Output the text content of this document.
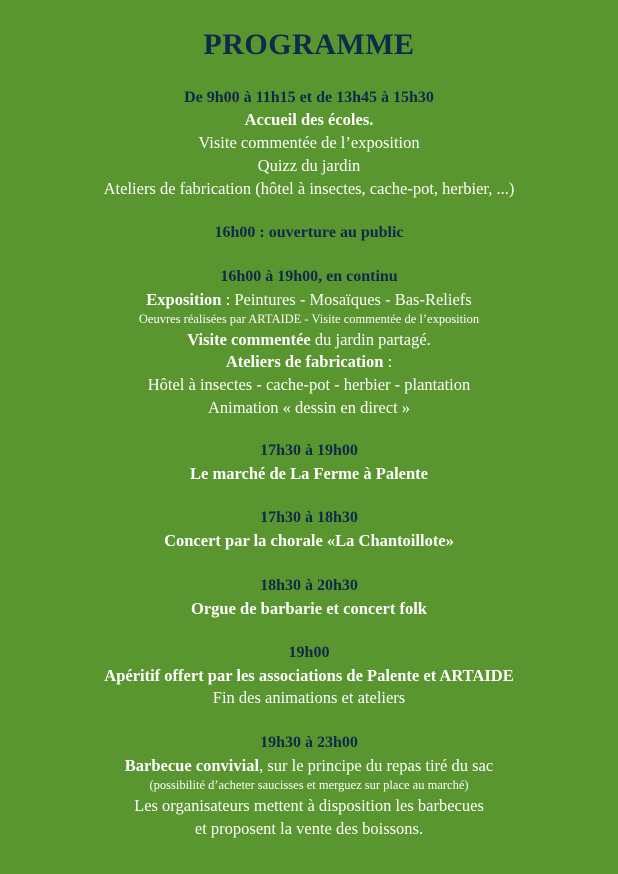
PROGRAMME
De 9h00 à 11h15 et de 13h45 à 15h30
Accueil des écoles.
Visite commentée de l’exposition
Quizz du jardin
Ateliers de fabrication (hôtel à insectes, cache-pot, herbier, ...)
16h00 : ouverture au public
16h00 à 19h00, en continu
Exposition : Peintures - Mosaïques - Bas-Reliefs
Oeuvres réalisées par ARTAIDE - Visite commentée de l’exposition
Visite commentée du jardin partagé.
Ateliers de fabrication :
Hôtel à insectes - cache-pot - herbier - plantation
Animation « dessin en direct »
17h30 à 19h00
Le marché de La Ferme à Palente
17h30 à 18h30
Concert par la chorale «La Chantoillote»
18h30 à 20h30
Orgue de barbarie et concert folk
19h00
Apéritif offert par les associations de Palente et ARTAIDE
Fin des animations et ateliers
19h30 à 23h00
Barbecue convivial, sur le principe du repas tiré du sac
(possibilité d’acheter saucisses et merguez sur place au marché)
Les organisateurs mettent à disposition les barbecues
et proposent la vente des boissons.
